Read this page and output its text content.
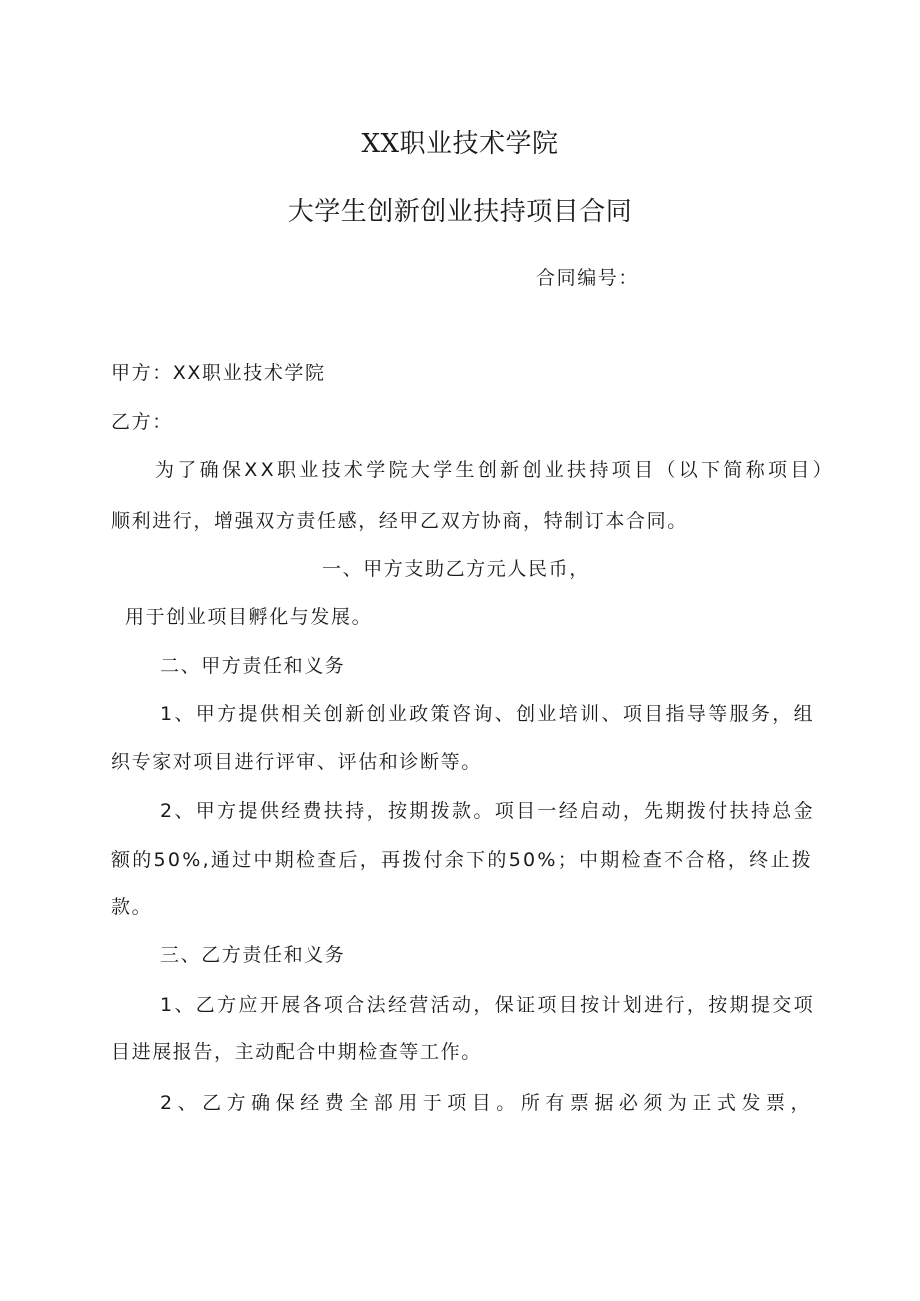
XX职业技术学院
大学生创新创业扶持项目合同
合同编号：
甲方：XX职业技术学院
乙方：
为了确保XX职业技术学院大学生创新创业扶持项目（以下简称项目）
顺利进行，增强双方责任感，经甲乙双方协商，特制订本合同。
一、甲方支助乙方元人民币，
用于创业项目孵化与发展。
二、甲方责任和义务
1、甲方提供相关创新创业政策咨询、创业培训、项目指导等服务，组
织专家对项目进行评审、评估和诊断等。
2、甲方提供经费扶持，按期拨款。项目一经启动，先期拨付扶持总金
额的50%,通过中期检查后，再拨付余下的50%；中期检查不合格，终止拨
款。
三、乙方责任和义务
1、乙方应开展各项合法经营活动，保证项目按计划进行，按期提交项
目进展报告，主动配合中期检查等工作。
2、乙方确保经费全部用于项目。所有票据必须为正式发票，
